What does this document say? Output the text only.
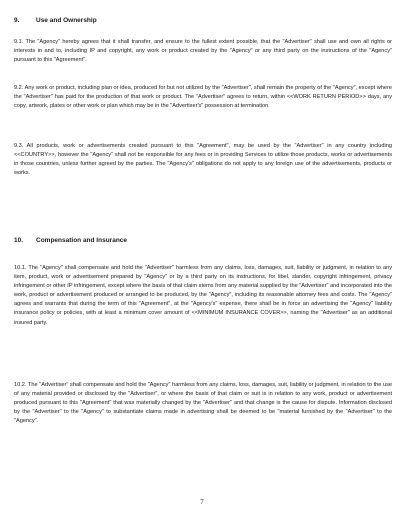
9.	Use and Ownership

9.1. The "Agency" hereby agrees that it shall transfer, and ensure to the fullest extent possible, that the "Advertiser" shall use and own all rights or interests in and to, including IP and copyright, any work or product created by the "Agency" or any third party on the instructions of the "Agency" pursuant to this "Agreement".

9.2. Any work or product, including plan or idea, produced for but not utilized by the "Advertiser", shall remain the property of the "Agency", except where the "Advertiser" has paid for the production of that work or product. The "Advertiser" agrees to return, within <<WORK RETURN PERIOD>> days, any copy, artwork, plates or other work or plan which may be in the "Advertiser's" possession at termination.

9.3. All products, work or advertisements created pursuant to this "Agreement", may be used by the "Advertiser" in any country including <<COUNTRY>>, however the "Agency" shall not be responsible for any fees or in providing Services to utilize those products, works or advertisements in those countries, unless further agreed by the parties. The "Agency's" obligations do not apply to any foreign use of the advertisements, products or works.

10. Compensation and Insurance

10.1. The "Agency" shall compensate and hold the "Advertiser" harmless from any claims, loss, damages, suit, liability or judgment, in relation to any item, product, work or advertisement prepared by "Agency" or by a third party on its instructions, for libel, slander, copyright infringement, privacy infringement or other IP infringement, except where the basis of that claim stems from any material supplied by the "Advertiser" and incorporated into the work, product or advertisement produced or arranged to be produced, by the "Agency", including its reasonable attorney fees and costs. The "Agency" agrees and warrants that during the term of this "Agreement", at the "Agency's" expense, there shall be in force an advertising the "Agency" liability insurance policy or policies, with at least a minimum cover amount of <<MINIMUM INSURANCE COVER>>, naming the "Advertiser" as an additional insured party.

10.2. The "Advertiser" shall compensate and hold the "Agency" harmless from any claims, loss, damages, suit, liability or judgment, in relation to the use of any material provided or disclosed by the "Advertiser", or where the basis of that claim or suit is in relation to any work, product or advertisement produced pursuant to this "Agreement" that was materially changed by the "Advertiser" and that change is the cause for dispute. Information disclosed by the "Advertiser" to the "Agency" to substantiate claims made in advertising shall be deemed to be "material furnished by the "Advertiser" to the "Agency".

7
